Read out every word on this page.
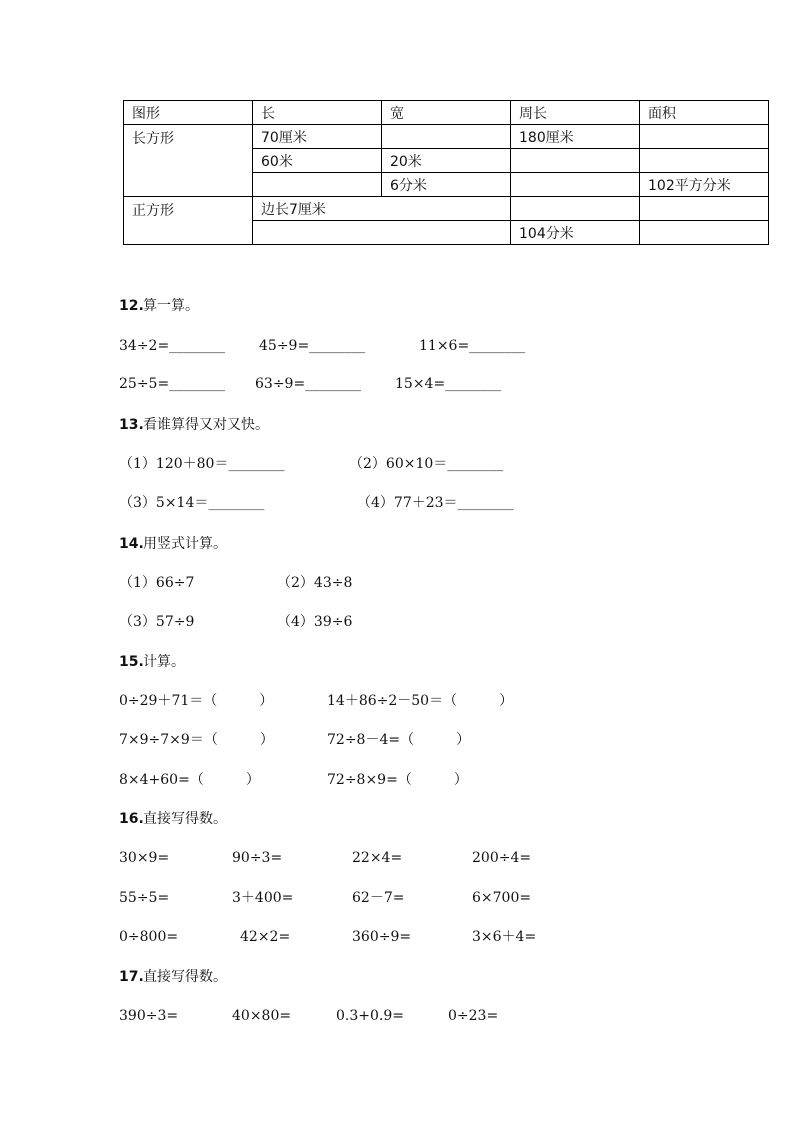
图形	长	宽	周长	面积
长方形	70厘米		180厘米	
	60米	20米		
		6分米		102平方分米
正方形	边长7厘米			
			104分米	
12. 算一算。
34÷2=________ 45÷9=________	11×6=________
25÷5=________ 63÷9=________ 15×4=________
13. 看谁算得又对又快。
（1）120＋80＝________	（2）60×10＝________
（3）5×14＝________	（4）77＋23＝________
14. 用竖式计算。
（1）66÷7	（2）43÷8
（3）57÷9	（4）39÷6
15. 计算。
0÷29＋71＝（　　　）	14＋86÷2－50＝（　　　）
7×9÷7×9＝（　　　）	72÷8－4=（　　　）
8×4+60=（　　　）	72÷8×9=（　　　）
16. 直接写得数。
30×9=	90÷3=	22×4=	200÷4=
55÷5=	3＋400=	62－7=	6×700=
0÷800=	42×2=	360÷9=	3×6＋4=
17. 直接写得数。
390÷3=	40×80=	0.3+0.9=	0÷23=
